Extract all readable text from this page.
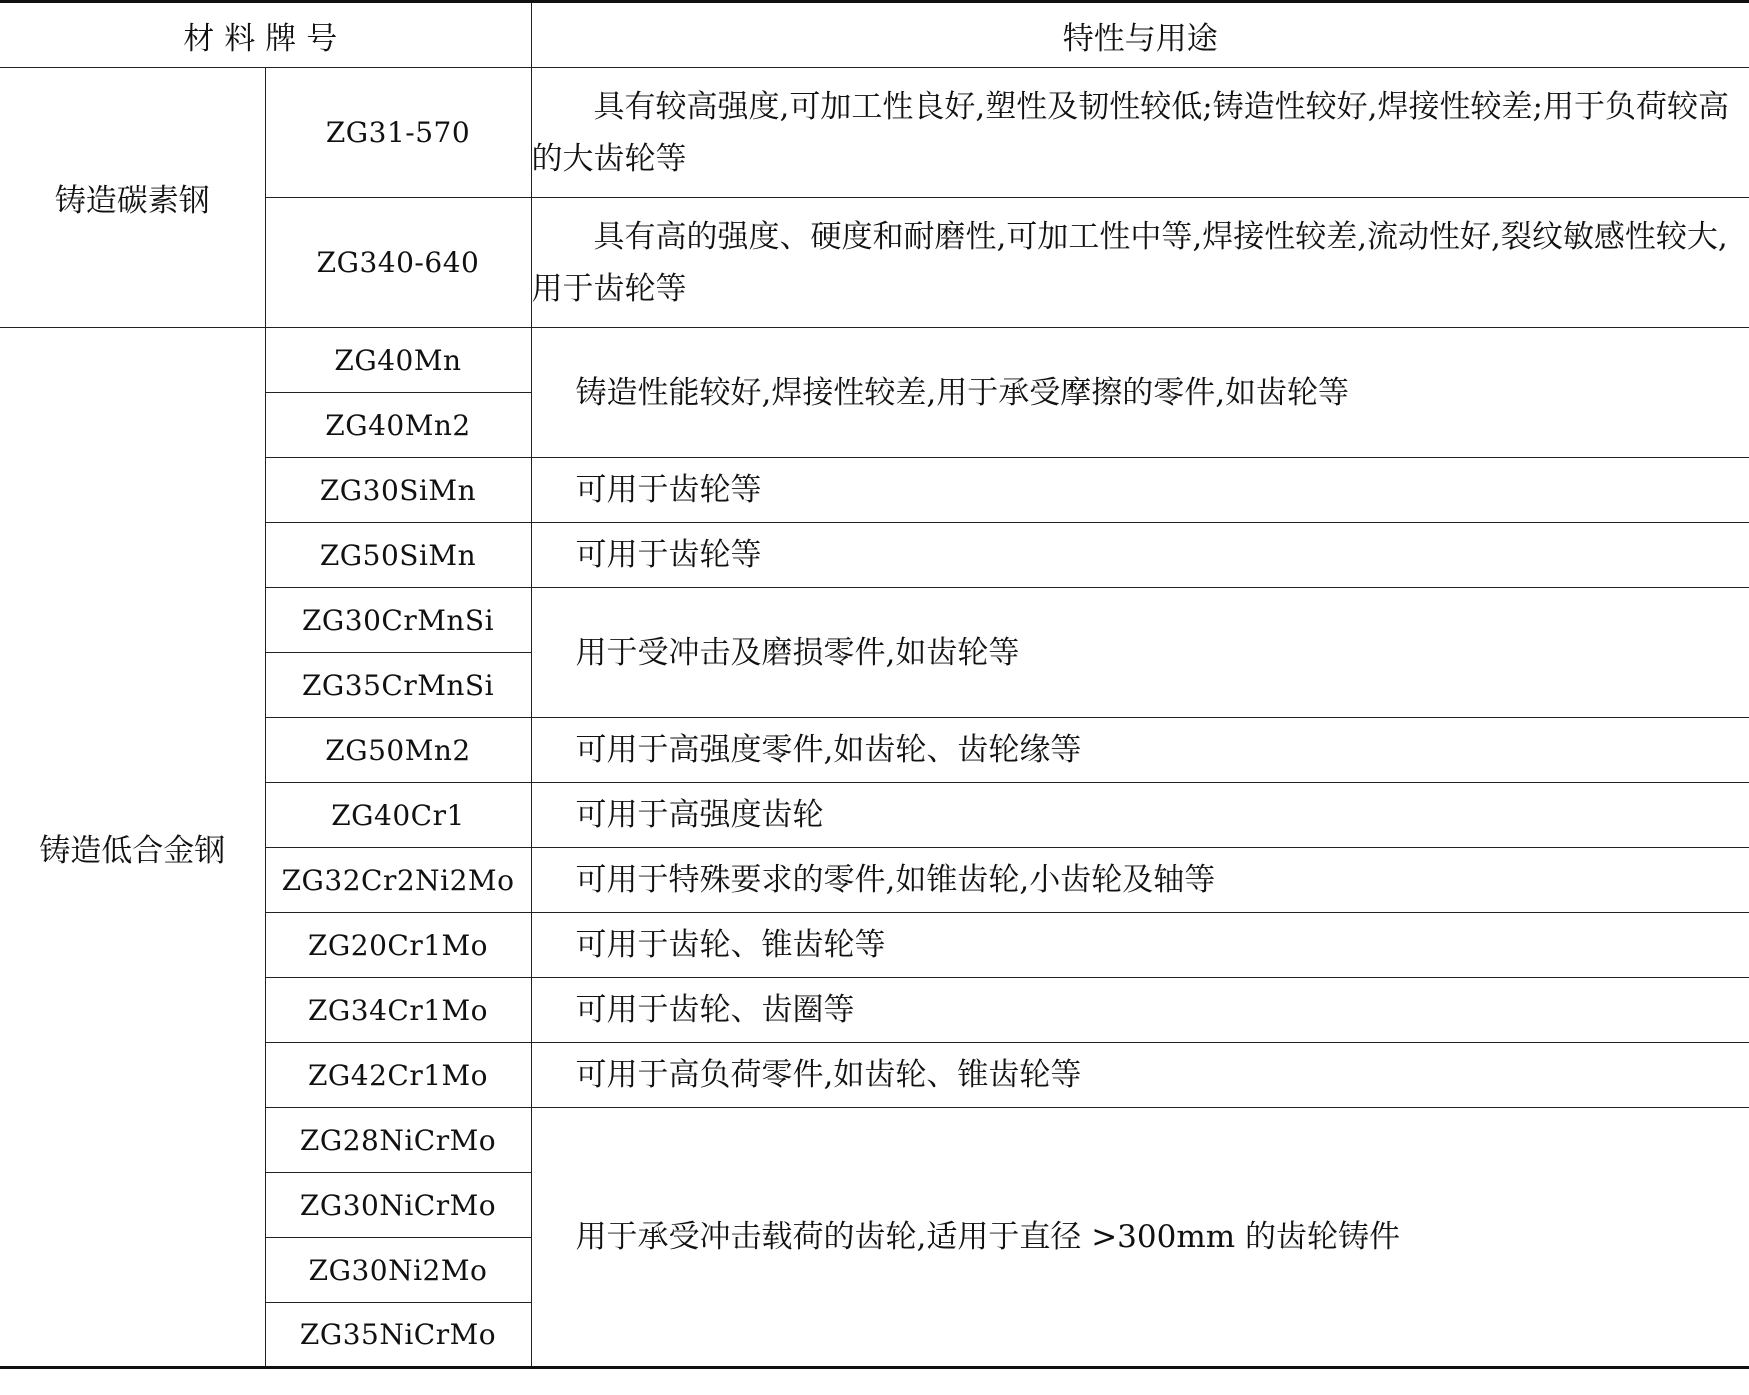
材料牌号		特性与用途
铸造碳素钢	ZG31-570	具有较高强度,可加工性良好,塑性及韧性较低;铸造性较好,焊接性较差;用于负荷较高的大齿轮等
	ZG340-640	具有高的强度、硬度和耐磨性,可加工性中等,焊接性较差,流动性好,裂纹敏感性较大,用于齿轮等
铸造低合金钢	ZG40Mn	铸造性能较好,焊接性较差,用于承受摩擦的零件,如齿轮等
	ZG40Mn2	
	ZG30SiMn	可用于齿轮等
	ZG50SiMn	可用于齿轮等
	ZG30CrMnSi	用于受冲击及磨损零件,如齿轮等
	ZG35CrMnSi	
	ZG50Mn2	可用于高强度零件,如齿轮、齿轮缘等
	ZG40Cr1	可用于高强度齿轮
	ZG32Cr2Ni2Mo	可用于特殊要求的零件,如锥齿轮,小齿轮及轴等
	ZG20Cr1Mo	可用于齿轮、锥齿轮等
	ZG34Cr1Mo	可用于齿轮、齿圈等
	ZG42Cr1Mo	可用于高负荷零件,如齿轮、锥齿轮等
	ZG28NiCrMo	用于承受冲击载荷的齿轮,适用于直径 >300mm 的齿轮铸件
	ZG30NiCrMo	
	ZG30Ni2Mo	
	ZG35NiCrMo	
